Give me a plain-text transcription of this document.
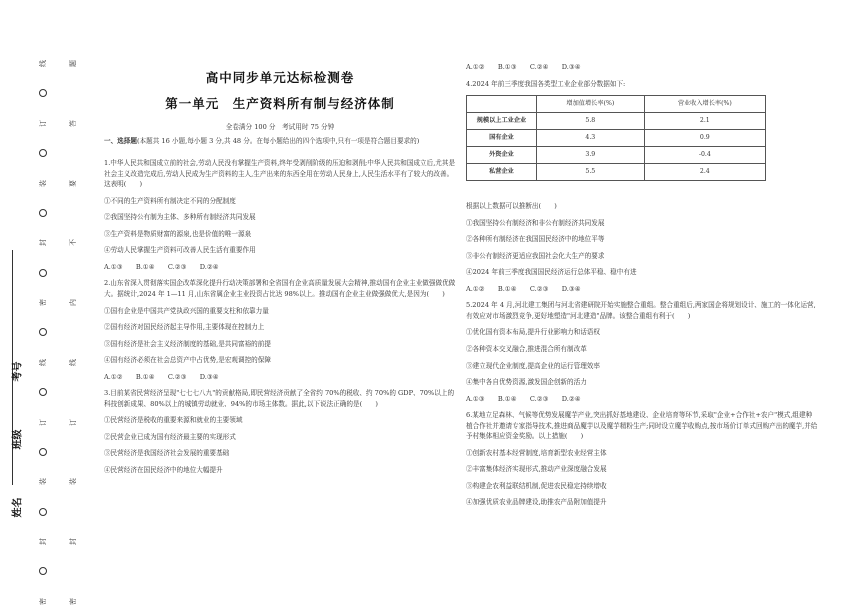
线
订
装
封
密
线
订
装
封
密
题
答
要
不
内
线
订
装
封
密
姓名
班级
考号
高中同步单元达标检测卷
第一单元　生产资料所有制与经济体制
全卷满分 100 分　考试用时 75 分钟
一、选择题(本题共 16 小题,每小题 3 分,共 48 分。在每小题给出的四个选项中,只有一项是符合题目要求的)

1.中华人民共和国成立前的社会,劳动人民没有掌握生产资料,终年受剥削阶级的压迫和剥削;中华人民共和国成立后,尤其是社会主义改造完成后,劳动人民成为生产资料的主人,生产出来的东西全用在劳动人民身上,人民生活水平有了较大的改善。这表明(　　)

①不同的生产资料所有制决定不同的分配制度
②我国坚持公有制为主体、多种所有制经济共同发展
③生产资料是物质财富的源泉,也是价值的唯一源泉
④劳动人民掌握生产资料可改善人民生活有重要作用
A.①③　　B.①④　　C.②③　　D.②④

2.山东省深入贯彻落实国企改革深化提升行动决策部署和全省国有企业高质量发展大会精神,推动国有企业主业做强做优做大。据统计,2024 年 1—11 月,山东省属企业主业投资占比达 98%以上。推动国有企业主业做强做优大,是因为(　　)

①国有企业是中国共产党执政兴国的重要支柱和依靠力量
②国有经济对国民经济起主导作用,主要体现在控制力上
③国有经济是社会主义经济制度的基础,是共同富裕的前提
④国有经济必须在社会总资产中占优势,是宏观调控的保障
A.①②　　B.①④　　C.②③　　D.③④

3.目前某省民营经济呈现"七七七八九"的贡献格局,即民营经济贡献了全省约 70%的税收、约 70%的 GDP、70%以上的科技创新成果、80%以上的城镇劳动就业、94%的市场主体数。据此,以下说法正确的是(　　)

①民营经济是税收的重要来源和就业的主要领域
②民营企业已成为国有经济最主要的实现形式
③民营经济是我国经济社会发展的重要基础
④民营经济在国民经济中的地位大幅提升
A.①②　　B.①③　　C.②④　　D.③④

4.2024 年前三季度我国各类型工业企业部分数据如下:

	增加值增长率(%)	营业收入增长率(%)
规模以上工业企业	5.8	2.1
国有企业	4.3	0.9
外资企业	3.9	-0.4
私营企业	5.5	2.4

根据以上数据可以推断出(　　)

①我国坚持公有制经济和非公有制经济共同发展
②各种所有制经济在我国国民经济中的地位平等
③非公有制经济更适应我国社会化大生产的要求
④2024 年前三季度我国国民经济运行总体平稳、稳中有进
A.①②　　B.①④　　C.②③　　D.③④

5.2024 年 4 月,河北建工集团与河北省建研院开始实施整合重组。整合重组后,两家国企将规划设计、施工的一体化运营,有效应对市场激烈竞争,更好地塑造"河北建造"品牌。该整合重组有利于(　　)

①优化国有资本布局,提升行业影响力和话语权
②各种资本交叉融合,推进混合所有制改革
③建立现代企业制度,提高企业的运行管理效率
④集中各自优势资源,激发国企创新的活力
A.①③　　B.①④　　C.②③　　D.②④

6.某地立足森林、气候等优势发展魔芋产业,突出抓好基地建设、企业培育等环节,采取"企业+合作社+农户"模式,组建种植合作社并邀请专家指导技术,推进商品魔芋以及魔芋精粉生产;同时设立魔芋收购点,按市场价订单式回购产出的魔芋,并给予村集体相应资金奖励。以上措施(　　)

①创新农村基本经营制度,培育新型农业经营主体
②丰富集体经济实现形式,推动产业深度融合发展
③构建企农利益联结机制,促进农民稳定持续增收
④加强优质农业品牌建设,助推农产品附加值提升
